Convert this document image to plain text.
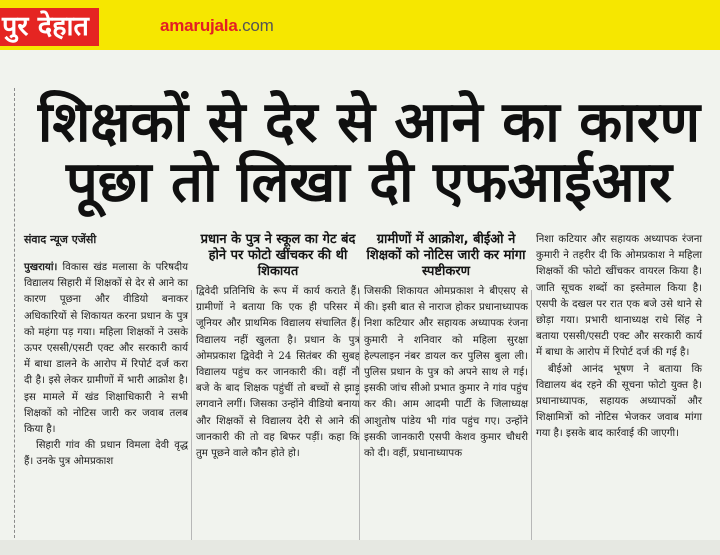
पुर देहात	amarujala.com
शिक्षकों से देर से आने का कारण
पूछा तो लिखा दी एफआईआर
संवाद न्यूज एजेंसी

पुखरायां। विकास खंड मलासा के परिषदीय विद्यालय सिहारी में शिक्षकों से देर से आने का कारण पूछना और वीडियो बनाकर अधिकारियों से शिकायत करना प्रधान के पुत्र को महंगा पड़ गया। महिला शिक्षकों ने उसके ऊपर एससी/एसटी एक्ट और सरकारी कार्य में बाधा डालने के आरोप में रिपोर्ट दर्ज करा दी है। इसे लेकर ग्रामीणों में भारी आक्रोश है। इस मामले में खंड शिक्षाधिकारी ने सभी शिक्षकों को नोटिस जारी कर जवाब तलब किया है।

सिहारी गांव की प्रधान विमला देवी वृद्ध हैं। उनके पुत्र ओमप्रकाश

प्रधान के पुत्र ने स्कूल का गेट बंद होने पर फोटो खींचकर की थी शिकायत

द्विवेदी प्रतिनिधि के रूप में कार्य कराते हैं। ग्रामीणों ने बताया कि एक ही परिसर में जूनियर और प्राथमिक विद्यालय संचालित हैं। विद्यालय नहीं खुलता है। प्रधान के पुत्र ओमप्रकाश द्विवेदी ने 24 सितंबर की सुबह विद्यालय पहुंच कर जानकारी की। वहीं नौ बजे के बाद शिक्षक पहुंचीं तो बच्चों से झाड़ू लगवाने लगीं। जिसका उन्होंने वीडियो बनाया और शिक्षकों से विद्यालय देरी से आने की जानकारी की तो वह बिफर पड़ीं। कहा कि तुम पूछने वाले कौन होते हो।

ग्रामीणों में आक्रोश, बीईओ ने शिक्षकों को नोटिस जारी कर मांगा स्पष्टीकरण

जिसकी शिकायत ओमप्रकाश ने बीएसए से की। इसी बात से नाराज होकर प्रधानाध्यापक निशा कटियार और सहायक अध्यापक रंजना कुमारी ने शनिवार को महिला सुरक्षा हेल्पलाइन नंबर डायल कर पुलिस बुला ली। पुलिस प्रधान के पुत्र को अपने साथ ले गई। इसकी जांच सीओ प्रभात कुमार ने गांव पहुंच कर की। आम आदमी पार्टी के जिलाध्यक्ष आशुतोष पांडेय भी गांव पहुंच गए। उन्होंने इसकी जानकारी एसपी केशव कुमार चौधरी को दी। वहीं, प्रधानाध्यापक

निशा कटियार और सहायक अध्यापक रंजना कुमारी ने तहरीर दी कि ओमप्रकाश ने महिला शिक्षकों की फोटो खींचकर वायरल किया है। जाति सूचक शब्दों का इस्तेमाल किया है। एसपी के दखल पर रात एक बजे उसे थाने से छोड़ा गया। प्रभारी थानाध्यक्ष राधे सिंह ने बताया एससी/एसटी एक्ट और सरकारी कार्य में बाधा के आरोप में रिपोर्ट दर्ज की गई है।

बीईओ आनंद भूषण ने बताया कि विद्यालय बंद रहने की सूचना फोटो युक्त है। प्रधानाध्यापक, सहायक अध्यापकों और शिक्षामित्रों को नोटिस भेजकर जवाब मांगा गया है। इसके बाद कार्रवाई की जाएगी।
